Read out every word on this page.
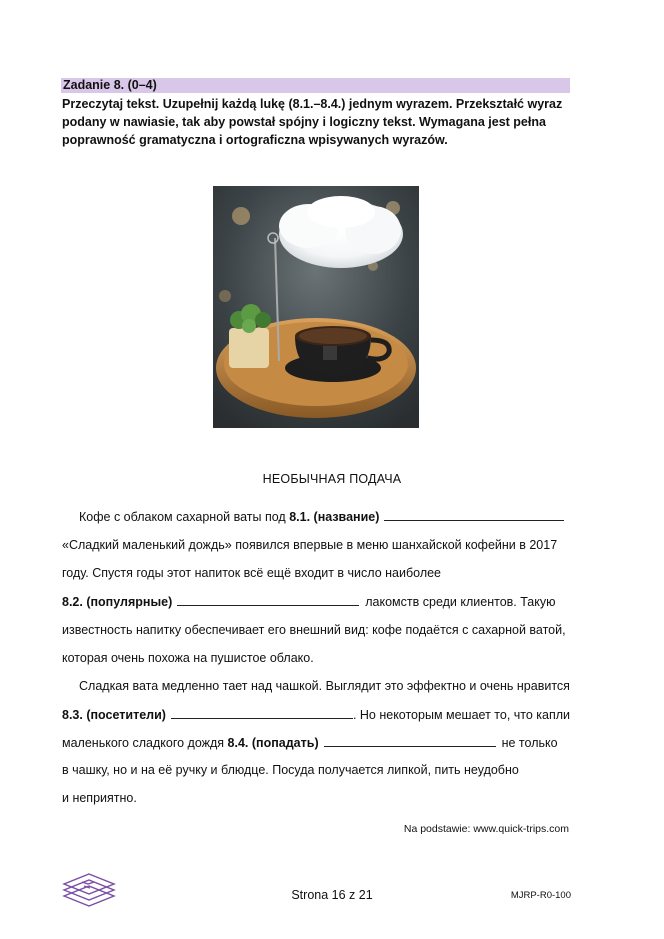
Zadanie 8. (0–4)
Przeczytaj tekst. Uzupełnij każdą lukę (8.1.–8.4.) jednym wyrazem. Przekształć wyraz
podany w nawiasie, tak aby powstał spójny i logiczny tekst. Wymagana jest pełna
poprawność gramatyczna i ortograficzna wpisywanych wyrazów.
НЕОБЫЧНАЯ ПОДАЧА
Кофе с облаком сахарной ваты под 8.1. (название)
«Сладкий маленький дождь» появился впервые в меню шанхайской кофейни в 2017
году. Спустя годы этот напиток всё ещё входит в число наиболее
8.2. (популярные)	лакомств среди клиентов. Такую
известность напитку обеспечивает его внешний вид: кофе подаётся с сахарной ватой,
которая очень похожа на пушистое облако.
Сладкая вата медленно тает над чашкой. Выглядит это эффектно и очень нравится
8.3. (посетители)	. Но некоторым мешает то, что капли
маленького сладкого дождя 8.4. (попадать)	не только
в чашку, но и на её ручку и блюдце. Посуда получается липкой, пить неудобно
и неприятно.
Na podstawie: www.quick-trips.com
Strona 16 z 21	MJRP-R0-100
